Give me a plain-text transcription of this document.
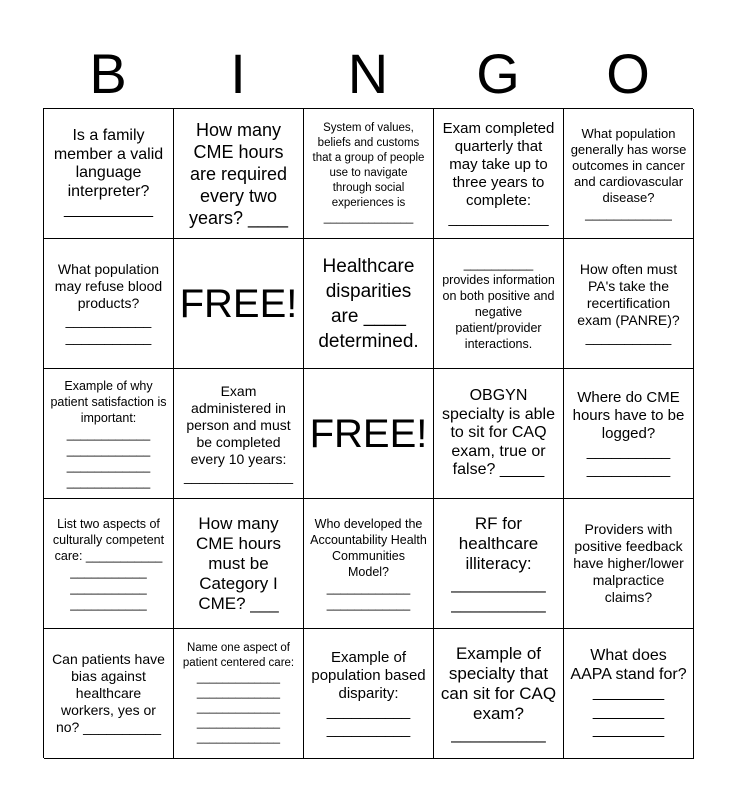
B	I	N	G	O
Is a family member a valid language interpreter? __________
How many CME hours are required every two years? ____
System of values, beliefs and customs that a group of people use to navigate through social experiences is ______________
Exam completed quarterly that may take up to three years to complete: ____________
What population generally has worse outcomes in cancer and cardiovascular disease? ____________
What population may refuse blood products? ___________ ___________
FREE!
Healthcare disparities are ____ determined.
__________ provides information on both positive and negative patient/provider interactions.
How often must PA's take the recertification exam (PANRE)? ___________
Example of why patient satisfaction is important: ____________ ____________ ____________ ____________
Exam administered in person and must be completed every 10 years: ______________
FREE!
OBGYN specialty is able to sit for CAQ exam, true or false? _____
Where do CME hours have to be logged? __________ __________
List two aspects of culturally competent care: ___________ ___________ ___________ ___________
How many CME hours must be Category I CME? ___
Who developed the Accountability Health Communities Model? ____________ ____________
RF for healthcare illiteracy: __________ __________
Providers with positive feedback have higher/lower malpractice claims?
Can patients have bias against healthcare workers, yes or no? __________
Name one aspect of patient centered care: _____________ _____________ _____________ _____________ _____________
Example of population based disparity: __________ __________
Example of specialty that can sit for CAQ exam? __________
What does AAPA stand for? ________ ________ ________
